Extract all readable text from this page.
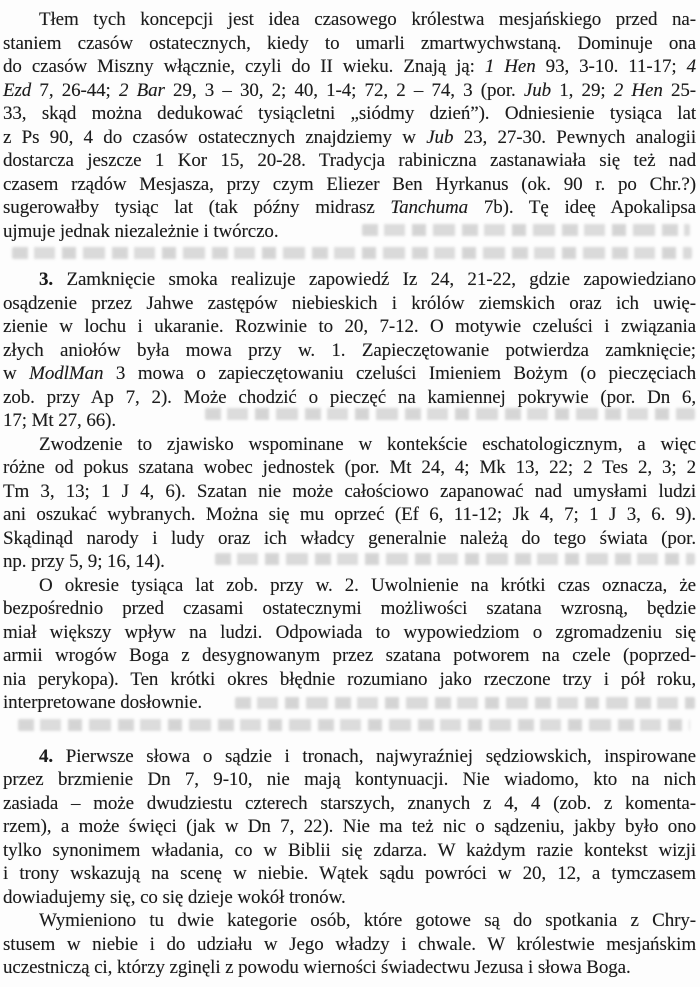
Tłem tych koncepcji jest idea czasowego królestwa mesjańskiego przed na-
staniem czasów ostatecznych, kiedy to umarli zmartwychwstaną. Dominuje ona
do czasów Miszny włącznie, czyli do II wieku. Znają ją: 1 Hen 93, 3-10. 11-17; 4
Ezd 7, 26-44; 2 Bar 29, 3 – 30, 2; 40, 1-4; 72, 2 – 74, 3 (por. Jub 1, 29; 2 Hen 25-
33, skąd można dedukować tysiącletni „siódmy dzień”). Odniesienie tysiąca lat
z Ps 90, 4 do czasów ostatecznych znajdziemy w Jub 23, 27-30. Pewnych analogii
dostarcza jeszcze 1 Kor 15, 20-28. Tradycja rabiniczna zastanawiała się też nad
czasem rządów Mesjasza, przy czym Eliezer Ben Hyrkanus (ok. 90 r. po Chr.?)
sugerowałby tysiąc lat (tak późny midrasz Tanchuma 7b). Tę ideę Apokalipsa
ujmuje jednak niezależnie i twórczo.
3. Zamknięcie smoka realizuje zapowiedź Iz 24, 21-22, gdzie zapowiedziano
osądzenie przez Jahwe zastępów niebieskich i królów ziemskich oraz ich uwię-
zienie w lochu i ukaranie. Rozwinie to 20, 7-12. O motywie czeluści i związania
złych aniołów była mowa przy w. 1. Zapieczętowanie potwierdza zamknięcie;
w ModlMan 3 mowa o zapieczętowaniu czeluści Imieniem Bożym (o pieczęciach
zob. przy Ap 7, 2). Może chodzić o pieczęć na kamiennej pokrywie (por. Dn 6,
17; Mt 27, 66).
Zwodzenie to zjawisko wspominane w kontekście eschatologicznym, a więc
różne od pokus szatana wobec jednostek (por. Mt 24, 4; Mk 13, 22; 2 Tes 2, 3; 2
Tm 3, 13; 1 J 4, 6). Szatan nie może całościowo zapanować nad umysłami ludzi
ani oszukać wybranych. Można się mu oprzeć (Ef 6, 11-12; Jk 4, 7; 1 J 3, 6. 9).
Skądinąd narody i ludy oraz ich władcy generalnie należą do tego świata (por.
np. przy 5, 9; 16, 14).
O okresie tysiąca lat zob. przy w. 2. Uwolnienie na krótki czas oznacza, że
bezpośrednio przed czasami ostatecznymi możliwości szatana wzrosną, będzie
miał większy wpływ na ludzi. Odpowiada to wypowiedziom o zgromadzeniu się
armii wrogów Boga z desygnowanym przez szatana potworem na czele (poprzed-
nia perykopa). Ten krótki okres błędnie rozumiano jako rzeczone trzy i pół roku,
interpretowane dosłownie.
4. Pierwsze słowa o sądzie i tronach, najwyraźniej sędziowskich, inspirowane
przez brzmienie Dn 7, 9-10, nie mają kontynuacji. Nie wiadomo, kto na nich
zasiada – może dwudziestu czterech starszych, znanych z 4, 4 (zob. z komenta-
rzem), a może święci (jak w Dn 7, 22). Nie ma też nic o sądzeniu, jakby było ono
tylko synonimem władania, co w Biblii się zdarza. W każdym razie kontekst wizji
i trony wskazują na scenę w niebie. Wątek sądu powróci w 20, 12, a tymczasem
dowiadujemy się, co się dzieje wokół tronów.
Wymieniono tu dwie kategorie osób, które gotowe są do spotkania z Chry-
stusem w niebie i do udziału w Jego władzy i chwale. W królestwie mesjańskim
uczestniczą ci, którzy zginęli z powodu wierności świadectwu Jezusa i słowa Boga.
